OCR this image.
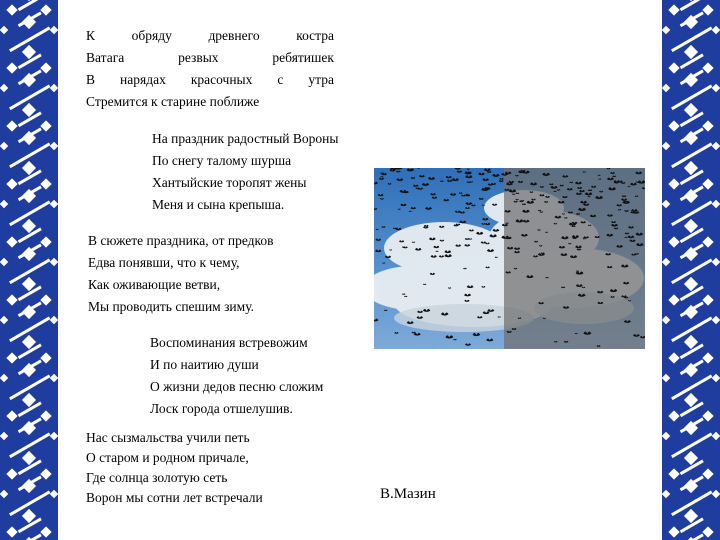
К	обряду	древнего	костра
Ватага	резвых	ребятишек
В нарядах красочных с утра
Стремится к старине поближе
На праздник радостный Вороны
По снегу талому шурша
Хантыйские торопят жены
Меня и сына крепыша.
В сюжете праздника, от предков
Едва понявши, что к чему,
Как оживающие ветви,
Мы проводить спешим зиму.
Воспоминания встревожим
И по наитию души
О жизни дедов песню сложим
Лоск города отшелушив.
Нас сызмальства учили петь
О старом и родном причале,
Где солнца золотую сеть
Ворон мы сотни лет встречали	В.Мазин
